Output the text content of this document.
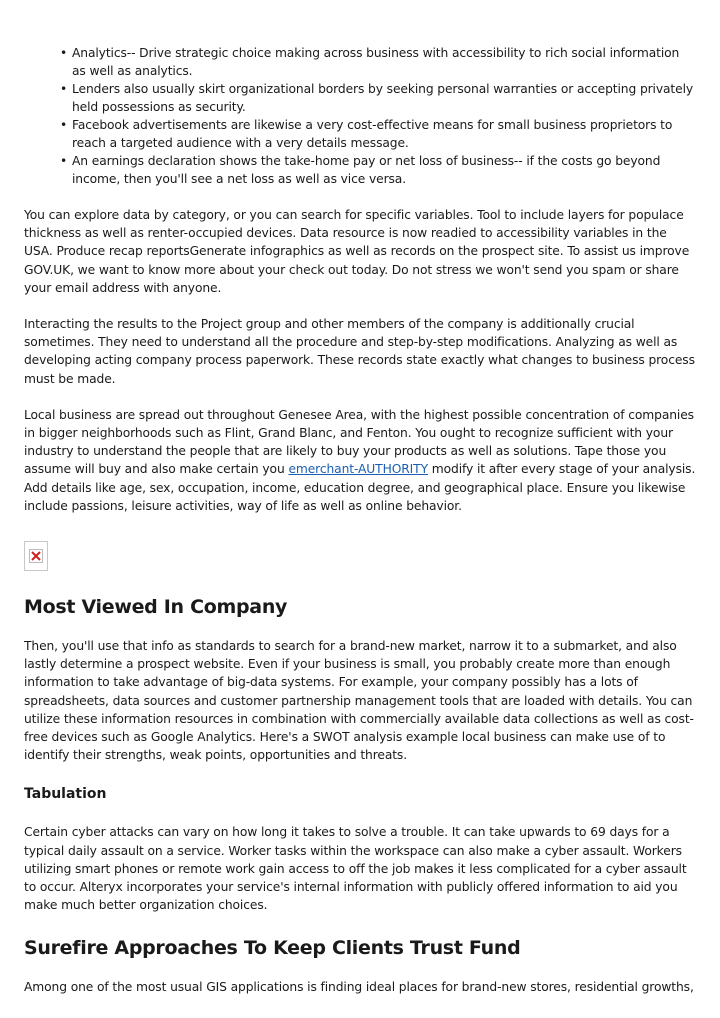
• Analytics-- Drive strategic choice making across business with accessibility to rich social information as well as analytics.
• Lenders also usually skirt organizational borders by seeking personal warranties or accepting privately held possessions as security.
• Facebook advertisements are likewise a very cost-effective means for small business proprietors to reach a targeted audience with a very details message.
• An earnings declaration shows the take-home pay or net loss of business-- if the costs go beyond income, then you'll see a net loss as well as vice versa.

You can explore data by category, or you can search for specific variables. Tool to include layers for populace thickness as well as renter-occupied devices. Data resource is now readied to accessibility variables in the USA. Produce recap reportsGenerate infographics as well as records on the prospect site. To assist us improve GOV.UK, we want to know more about your check out today. Do not stress we won't send you spam or share your email address with anyone.

Interacting the results to the Project group and other members of the company is additionally crucial sometimes. They need to understand all the procedure and step-by-step modifications. Analyzing as well as developing acting company process paperwork. These records state exactly what changes to business process must be made.

Local business are spread out throughout Genesee Area, with the highest possible concentration of companies in bigger neighborhoods such as Flint, Grand Blanc, and Fenton. You ought to recognize sufficient with your industry to understand the people that are likely to buy your products as well as solutions. Tape those you assume will buy and also make certain you emerchant-AUTHORITY modify it after every stage of your analysis. Add details like age, sex, occupation, income, education degree, and geographical place. Ensure you likewise include passions, leisure activities, way of life as well as online behavior.

Most Viewed In Company

Then, you'll use that info as standards to search for a brand-new market, narrow it to a submarket, and also lastly determine a prospect website. Even if your business is small, you probably create more than enough information to take advantage of big-data systems. For example, your company possibly has a lots of spreadsheets, data sources and customer partnership management tools that are loaded with details. You can utilize these information resources in combination with commercially available data collections as well as cost-free devices such as Google Analytics. Here's a SWOT analysis example local business can make use of to identify their strengths, weak points, opportunities and threats.

Tabulation

Certain cyber attacks can vary on how long it takes to solve a trouble. It can take upwards to 69 days for a typical daily assault on a service. Worker tasks within the workspace can also make a cyber assault. Workers utilizing smart phones or remote work gain access to off the job makes it less complicated for a cyber assault to occur. Alteryx incorporates your service's internal information with publicly offered information to aid you make much better organization choices.

Surefire Approaches To Keep Clients Trust Fund

Among one of the most usual GIS applications is finding ideal places for brand-new stores, residential growths,
